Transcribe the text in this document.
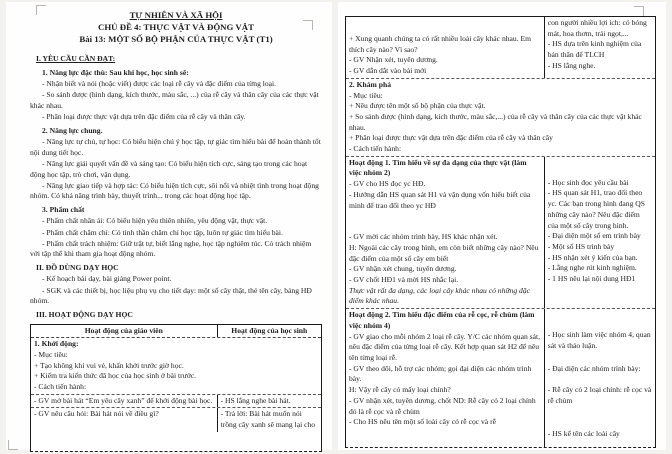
TỰ NHIÊN VÀ XÃ HỘI
CHỦ ĐỀ 4: THỰC VẬT VÀ ĐỘNG VẬT
Bài 13: MỘT SỐ BỘ PHẬN CỦA THỰC VẬT (T1)

I. YÊU CẦU CẦN ĐẠT:

1. Năng lực đặc thù: Sau khi học, học sinh sẽ:

- Nhận biết và nói (hoặc viết) được các loại rễ cây và đặc điểm của từng loại.

- So sánh được (hình dạng, kích thước, màu sắc, ...) của rễ cây và thân cây của các thực vật khác nhau.

- Phân loại được thực vật dựa trên đặc điểm của rễ cây và thân cây.

2. Năng lực chung.

- Năng lực tự chủ, tự học: Có biểu hiện chú ý học tập, tự giác tìm hiểu bài để hoàn thành tốt nội dung tiết học.

- Năng lực giải quyết vấn đề và sáng tạo: Có biểu hiện tích cực, sáng tạo trong các hoạt động học tập, trò chơi, vận dụng.

- Năng lực giao tiếp và hợp tác: Có biểu hiện tích cực, sôi nổi và nhiệt tình trong hoạt động nhóm. Có khả năng trình bày, thuyết trình... trong các hoạt động học tập.

3. Phẩm chất

- Phẩm chất nhân ái: Có biểu hiện yêu thiên nhiên, yêu động vật, thực vật.

- Phẩm chất chăm chỉ: Có tinh thần chăm chỉ học tập, luôn tự giác tìm hiểu bài.

- Phẩm chất trách nhiệm: Giữ trật tự, biết lắng nghe, học tập nghiêm túc. Có trách nhiệm với tập thể khi tham gia hoạt động nhóm.

II. ĐỒ DÙNG DẠY HỌC

- Kế hoạch bài dạy, bài giảng Power point.

- SGK và các thiết bị, học liệu phụ vụ cho tiết dạy: một số cây thật, thẻ tên cây, bảng HĐ nhóm.

III. HOẠT ĐỘNG DẠY HỌC

Hoạt động của giáo viên	Hoạt động của học sinh

1. Khởi động:

- Mục tiêu:

+ Tạo không khí vui vẻ, khấn khởi trước giờ học.

+ Kiểm tra kiến thức đã học của học sinh ở bài trước.

- Cách tiến hành:

- GV mở bài hát “Em yêu cây xanh” để khởi động bài học. - HS lắng nghe bài hát.

- GV nêu câu hỏi: Bài hát nói về điều gì?	- Trả lời: Bài hát muốn nói trồng cây xanh sẽ mang lại cho

+ Xung quanh chúng ta có rất nhiều loài cây khác nhau. Em thích cây nào? Vì sao?

- GV Nhận xét, tuyên dương.

- GV dẫn dắt vào bài mới

con người nhiều lợi ích: có bóng mát, hoa thơm, trái ngọt,...

- HS dựa trên kinh nghiệm của bản thân để TLCH

- HS lắng nghe.

2. Khám phá

- Mục tiêu:

+ Nêu được tên một số bộ phận của thực vật.

+ So sánh được (hình dạng, kích thước, màu sắc,...) của rễ cây và thân cây của các thực vật khác nhau.

+ Phân loại được thực vật dựa trên đặc điểm của rễ cây và thân cây

- Cách tiến hành:

Hoạt động 1. Tìm hiểu về sự đa dạng của thực vật (làm việc nhóm 2)

- GV cho HS đọc yc HĐ.

- Hướng dẫn HS quan sát H1 và vận dụng vốn hiểu biết của mình để trao đổi theo yc HĐ

- GV mời các nhóm trình bày, HS khác nhận xét.

H: Ngoài các cây trong hình, em còn biết những cây nào? Nêu đặc điểm của một số cây em biết

- GV nhận xét chung, tuyên dương.

- GV chốt HĐ1 và mời HS nhắc lại.

Thực vật rất đa dạng, các loại cây khác nhau có những đặc điểm khác nhau.

- Học sinh đọc yêu cầu bài

- HS quan sát H1, trao đổi theo yc. Các bạn trong hình đang QS những cây nào? Nêu đặc điểm của một số cây trong hình.

- Đại diện một số em trình bày

- Một số HS trình bày

- HS nhận xét ý kiến của bạn.

- Lắng nghe rút kinh nghiệm.

- 1 HS nêu lại nội dung HĐ1

Hoạt động 2. Tìm hiểu đặc điểm của rễ cọc, rễ chùm (làm việc nhóm 4)

- GV giao cho mỗi nhóm 2 loại rễ cây. Y/C các nhóm quan sát, nêu đặc điểm của từng loại rễ cây. Kết hợp quan sát H2 để nêu tên từng loại rễ.

- GV theo dõi, hỗ trợ các nhóm; gọi đại diện các nhóm trình bày.

H: Vậy rễ cây có mấy loại chính?

- GV nhận xét, tuyên dương, chốt ND: Rễ cây có 2 loại chính đó là rễ cọc và rễ chùm

- Cho HS nêu tên một số loài cây có rễ cọc và rễ

- Học sinh làm việc nhóm 4, quan sát và thảo luận.

- Đại diện các nhóm trình bày:

- Rễ cây có 2 loại chính: rễ cọc và rễ chùm

- HS kể tên các loài cây
